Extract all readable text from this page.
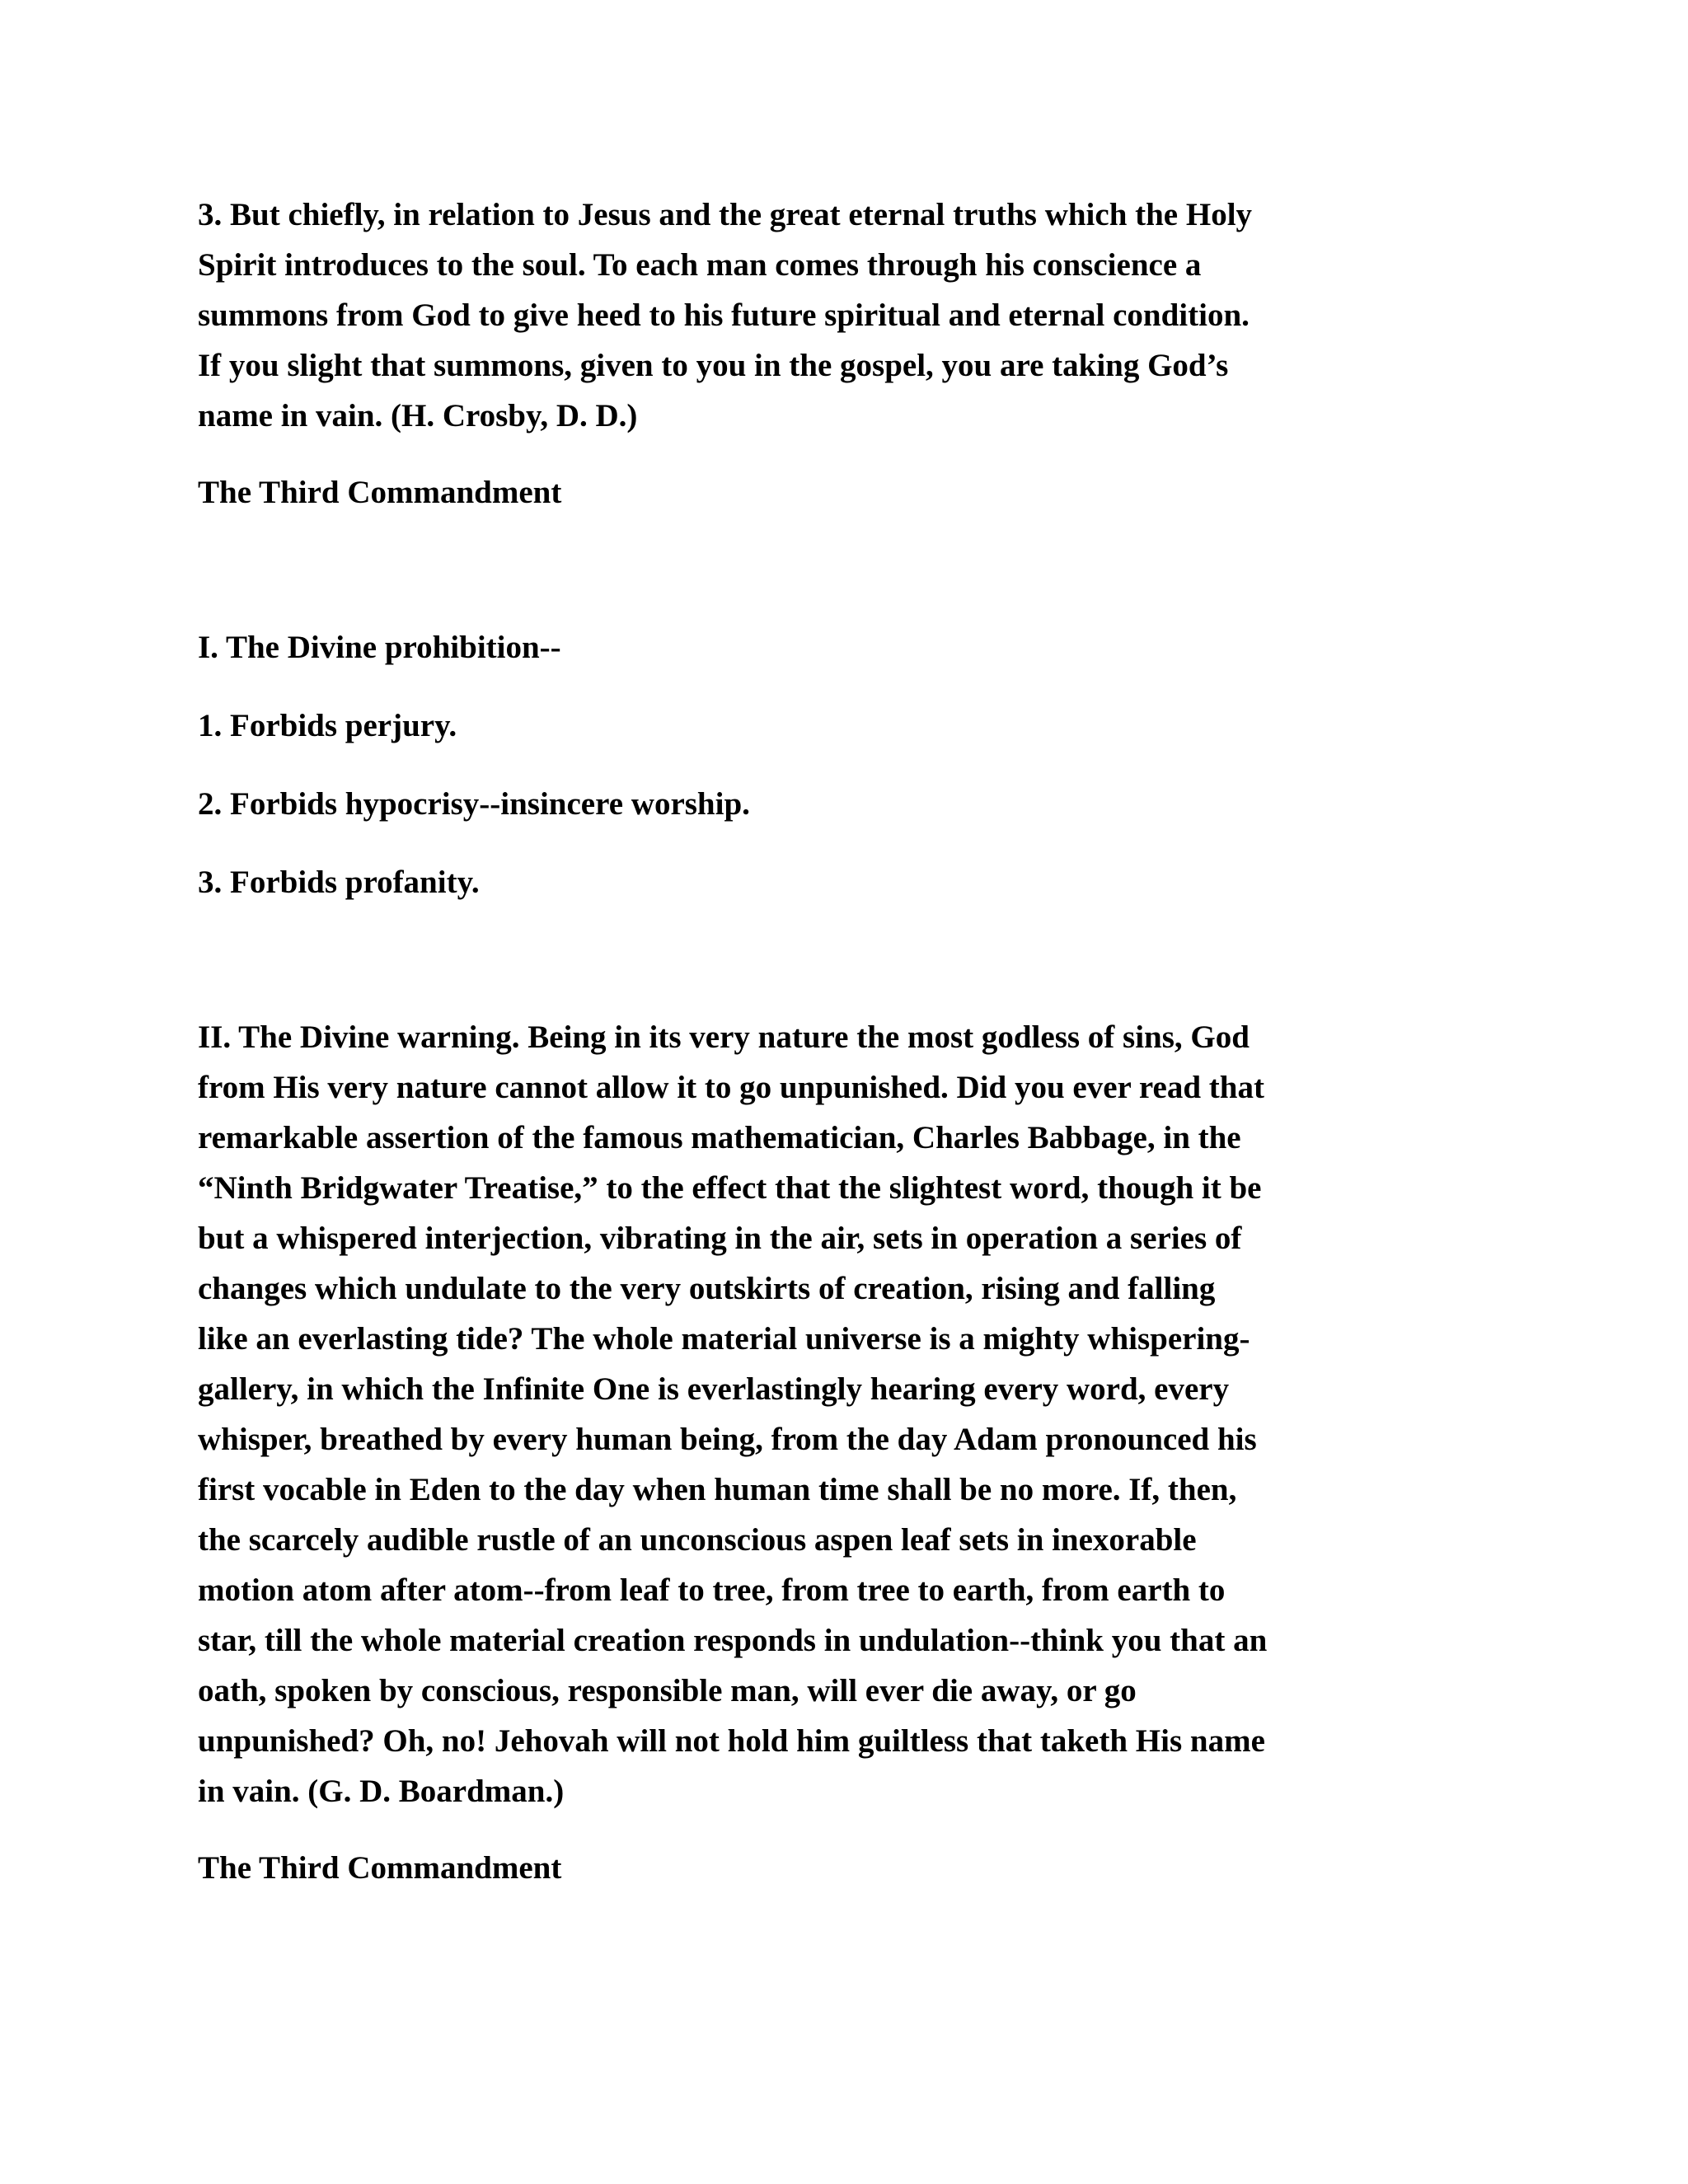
3. But chiefly, in relation to Jesus and the great eternal truths which the Holy
Spirit introduces to the soul. To each man comes through his conscience a
summons from God to give heed to his future spiritual and eternal condition.
If you slight that summons, given to you in the gospel, you are taking God’s
name in vain. (H. Crosby, D. D.)

The Third Commandment

I. The Divine prohibition--

1. Forbids perjury.

2. Forbids hypocrisy--insincere worship.

3. Forbids profanity.

II. The Divine warning. Being in its very nature the most godless of sins, God
from His very nature cannot allow it to go unpunished. Did you ever read that
remarkable assertion of the famous mathematician, Charles Babbage, in the
“Ninth Bridgwater Treatise,” to the effect that the slightest word, though it be
but a whispered interjection, vibrating in the air, sets in operation a series of
changes which undulate to the very outskirts of creation, rising and falling
like an everlasting tide? The whole material universe is a mighty whispering-
gallery, in which the Infinite One is everlastingly hearing every word, every
whisper, breathed by every human being, from the day Adam pronounced his
first vocable in Eden to the day when human time shall be no more. If, then,
the scarcely audible rustle of an unconscious aspen leaf sets in inexorable
motion atom after atom--from leaf to tree, from tree to earth, from earth to
star, till the whole material creation responds in undulation--think you that an
oath, spoken by conscious, responsible man, will ever die away, or go
unpunished? Oh, no! Jehovah will not hold him guiltless that taketh His name
in vain. (G. D. Boardman.)

The Third Commandment
